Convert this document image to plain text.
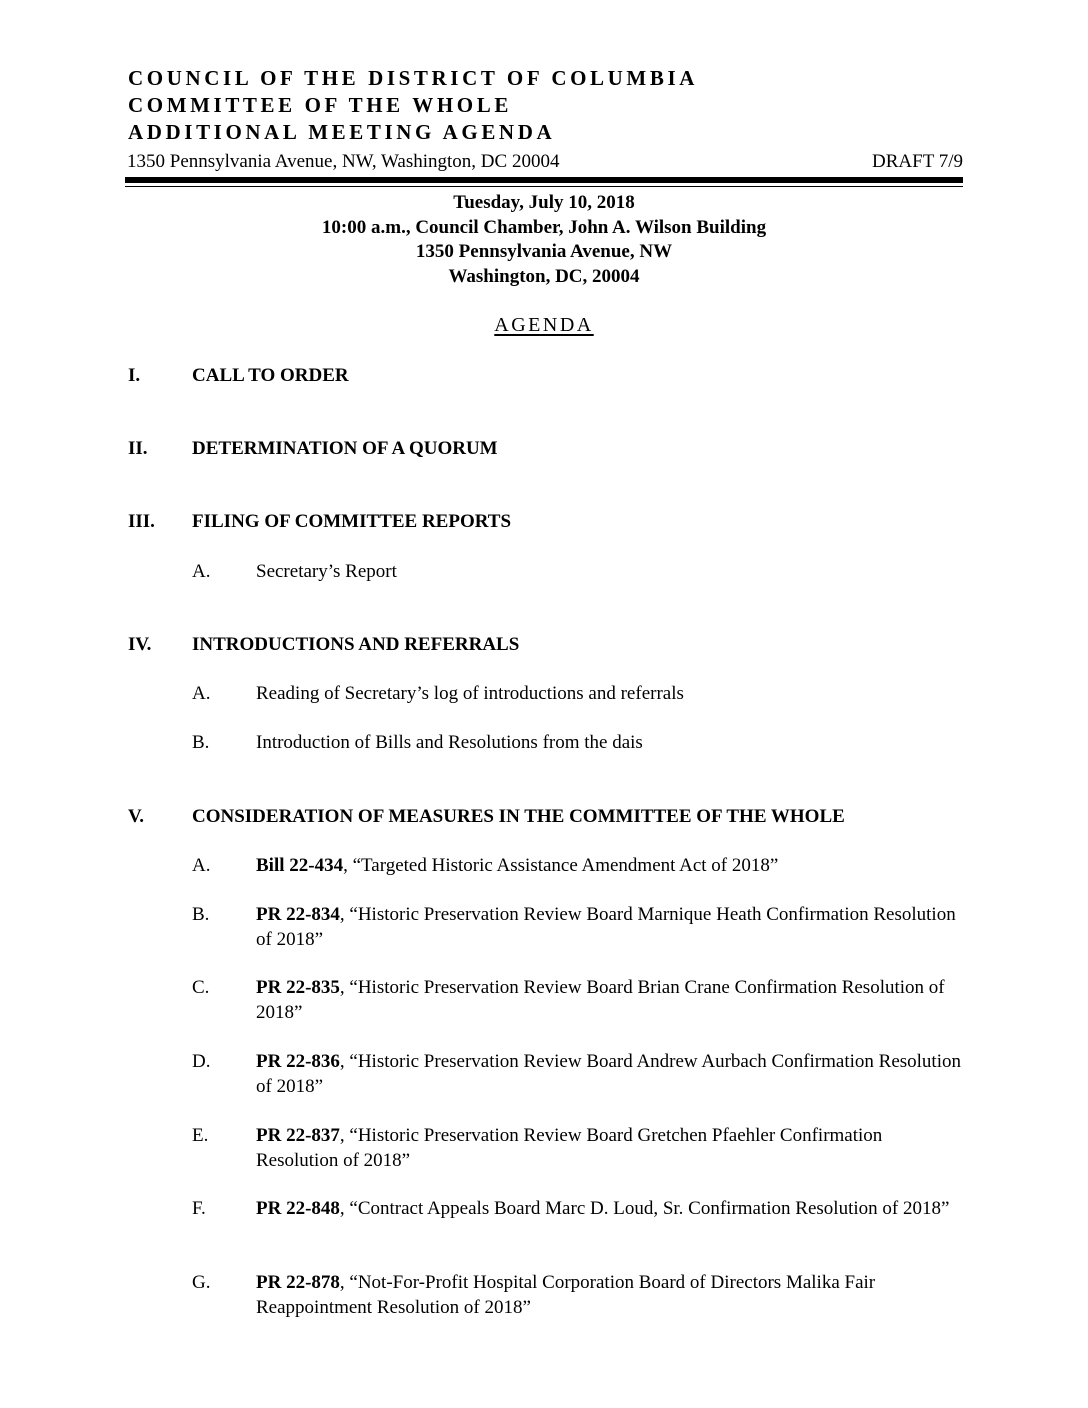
COUNCIL OF THE DISTRICT OF COLUMBIA
COMMITTEE OF THE WHOLE
ADDITIONAL MEETING AGENDA
1350 Pennsylvania Avenue, NW, Washington, DC 20004	DRAFT 7/9
Tuesday, July 10, 2018
10:00 a.m., Council Chamber, John A. Wilson Building
1350 Pennsylvania Avenue, NW
Washington, DC, 20004
AGENDA
I.	CALL TO ORDER
II. DETERMINATION OF A QUORUM
III. FILING OF COMMITTEE REPORTS
A. Secretary’s Report
IV. INTRODUCTIONS AND REFERRALS
A. Reading of Secretary’s log of introductions and referrals
B. Introduction of Bills and Resolutions from the dais
V.	CONSIDERATION OF MEASURES IN THE COMMITTEE OF THE WHOLE
A. Bill 22-434, “Targeted Historic Assistance Amendment Act of 2018”
B. PR 22-834, “Historic Preservation Review Board Marnique Heath Confirmation Resolution of 2018”
C. PR 22-835, “Historic Preservation Review Board Brian Crane Confirmation Resolution of 2018”
D. PR 22-836, “Historic Preservation Review Board Andrew Aurbach Confirmation Resolution of 2018”
E.	PR 22-837, “Historic Preservation Review Board Gretchen Pfaehler Confirmation Resolution of 2018”
F.	PR 22-848, “Contract Appeals Board Marc D. Loud, Sr. Confirmation Resolution of 2018”
G. PR 22-878, “Not-For-Profit Hospital Corporation Board of Directors Malika Fair Reappointment Resolution of 2018”
